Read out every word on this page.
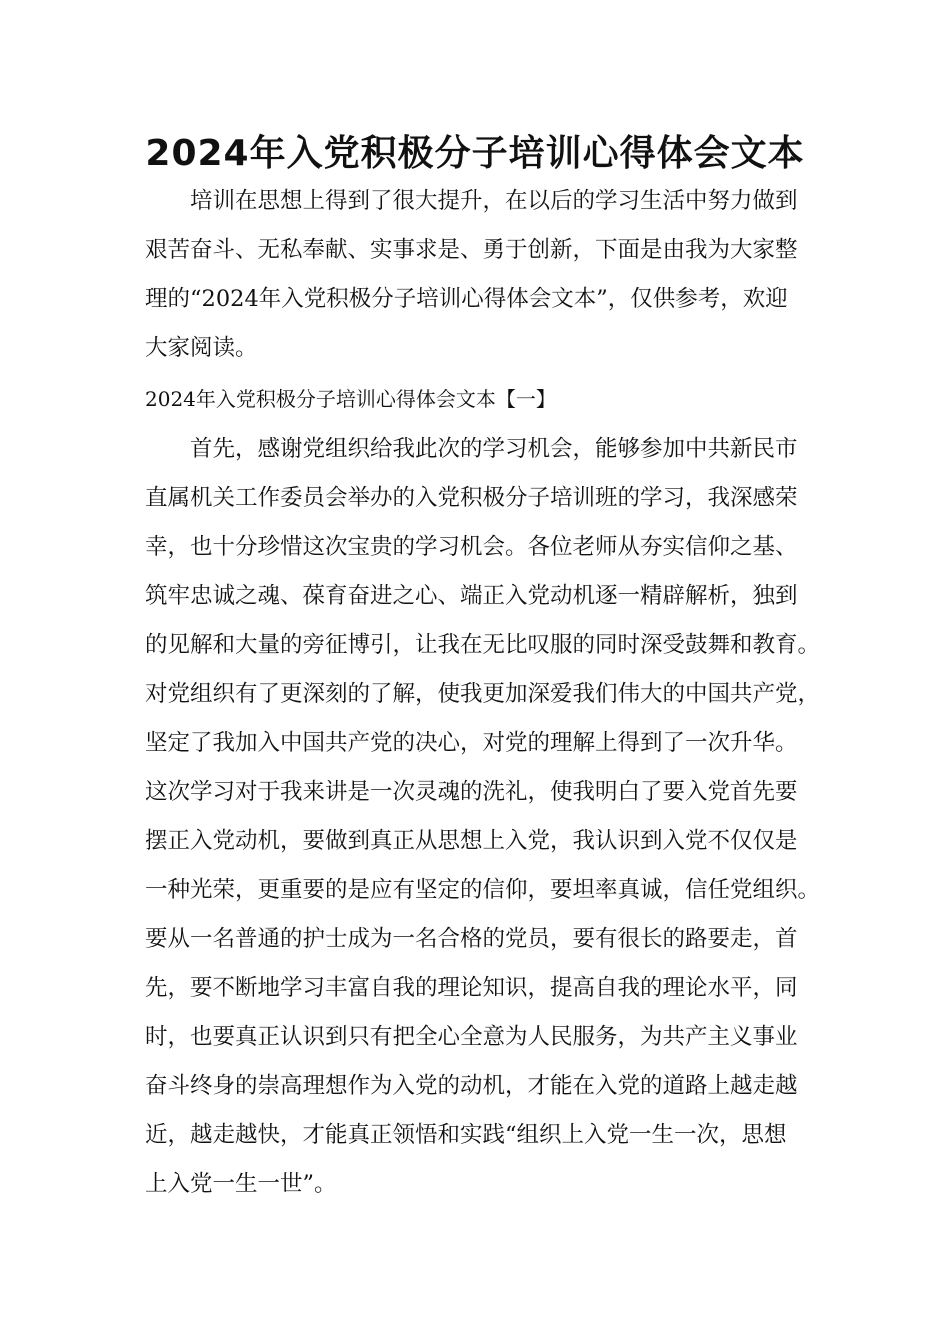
2024年入党积极分子培训心得体会文本

培训在思想上得到了很大提升，在以后的学习生活中努力做到

艰苦奋斗、无私奉献、实事求是、勇于创新，下面是由我为大家整

理的“2024年入党积极分子培训心得体会文本”，仅供参考，欢迎

大家阅读。

2024年入党积极分子培训心得体会文本【一】

首先，感谢党组织给我此次的学习机会，能够参加中共新民市

直属机关工作委员会举办的入党积极分子培训班的学习，我深感荣

幸，也十分珍惜这次宝贵的学习机会。各位老师从夯实信仰之基、

筑牢忠诚之魂、葆育奋进之心、端正入党动机逐一精辟解析，独到

的见解和大量的旁征博引，让我在无比叹服的同时深受鼓舞和教育。

对党组织有了更深刻的了解，使我更加深爱我们伟大的中国共产党，

坚定了我加入中国共产党的决心，对党的理解上得到了一次升华。

这次学习对于我来讲是一次灵魂的洗礼，使我明白了要入党首先要

摆正入党动机，要做到真正从思想上入党，我认识到入党不仅仅是

一种光荣，更重要的是应有坚定的信仰，要坦率真诚，信任党组织。

要从一名普通的护士成为一名合格的党员，要有很长的路要走，首

先，要不断地学习丰富自我的理论知识，提高自我的理论水平，同

时，也要真正认识到只有把全心全意为人民服务，为共产主义事业

奋斗终身的崇高理想作为入党的动机，才能在入党的道路上越走越

近，越走越快，才能真正领悟和实践“组织上入党一生一次，思想

上入党一生一世”。
